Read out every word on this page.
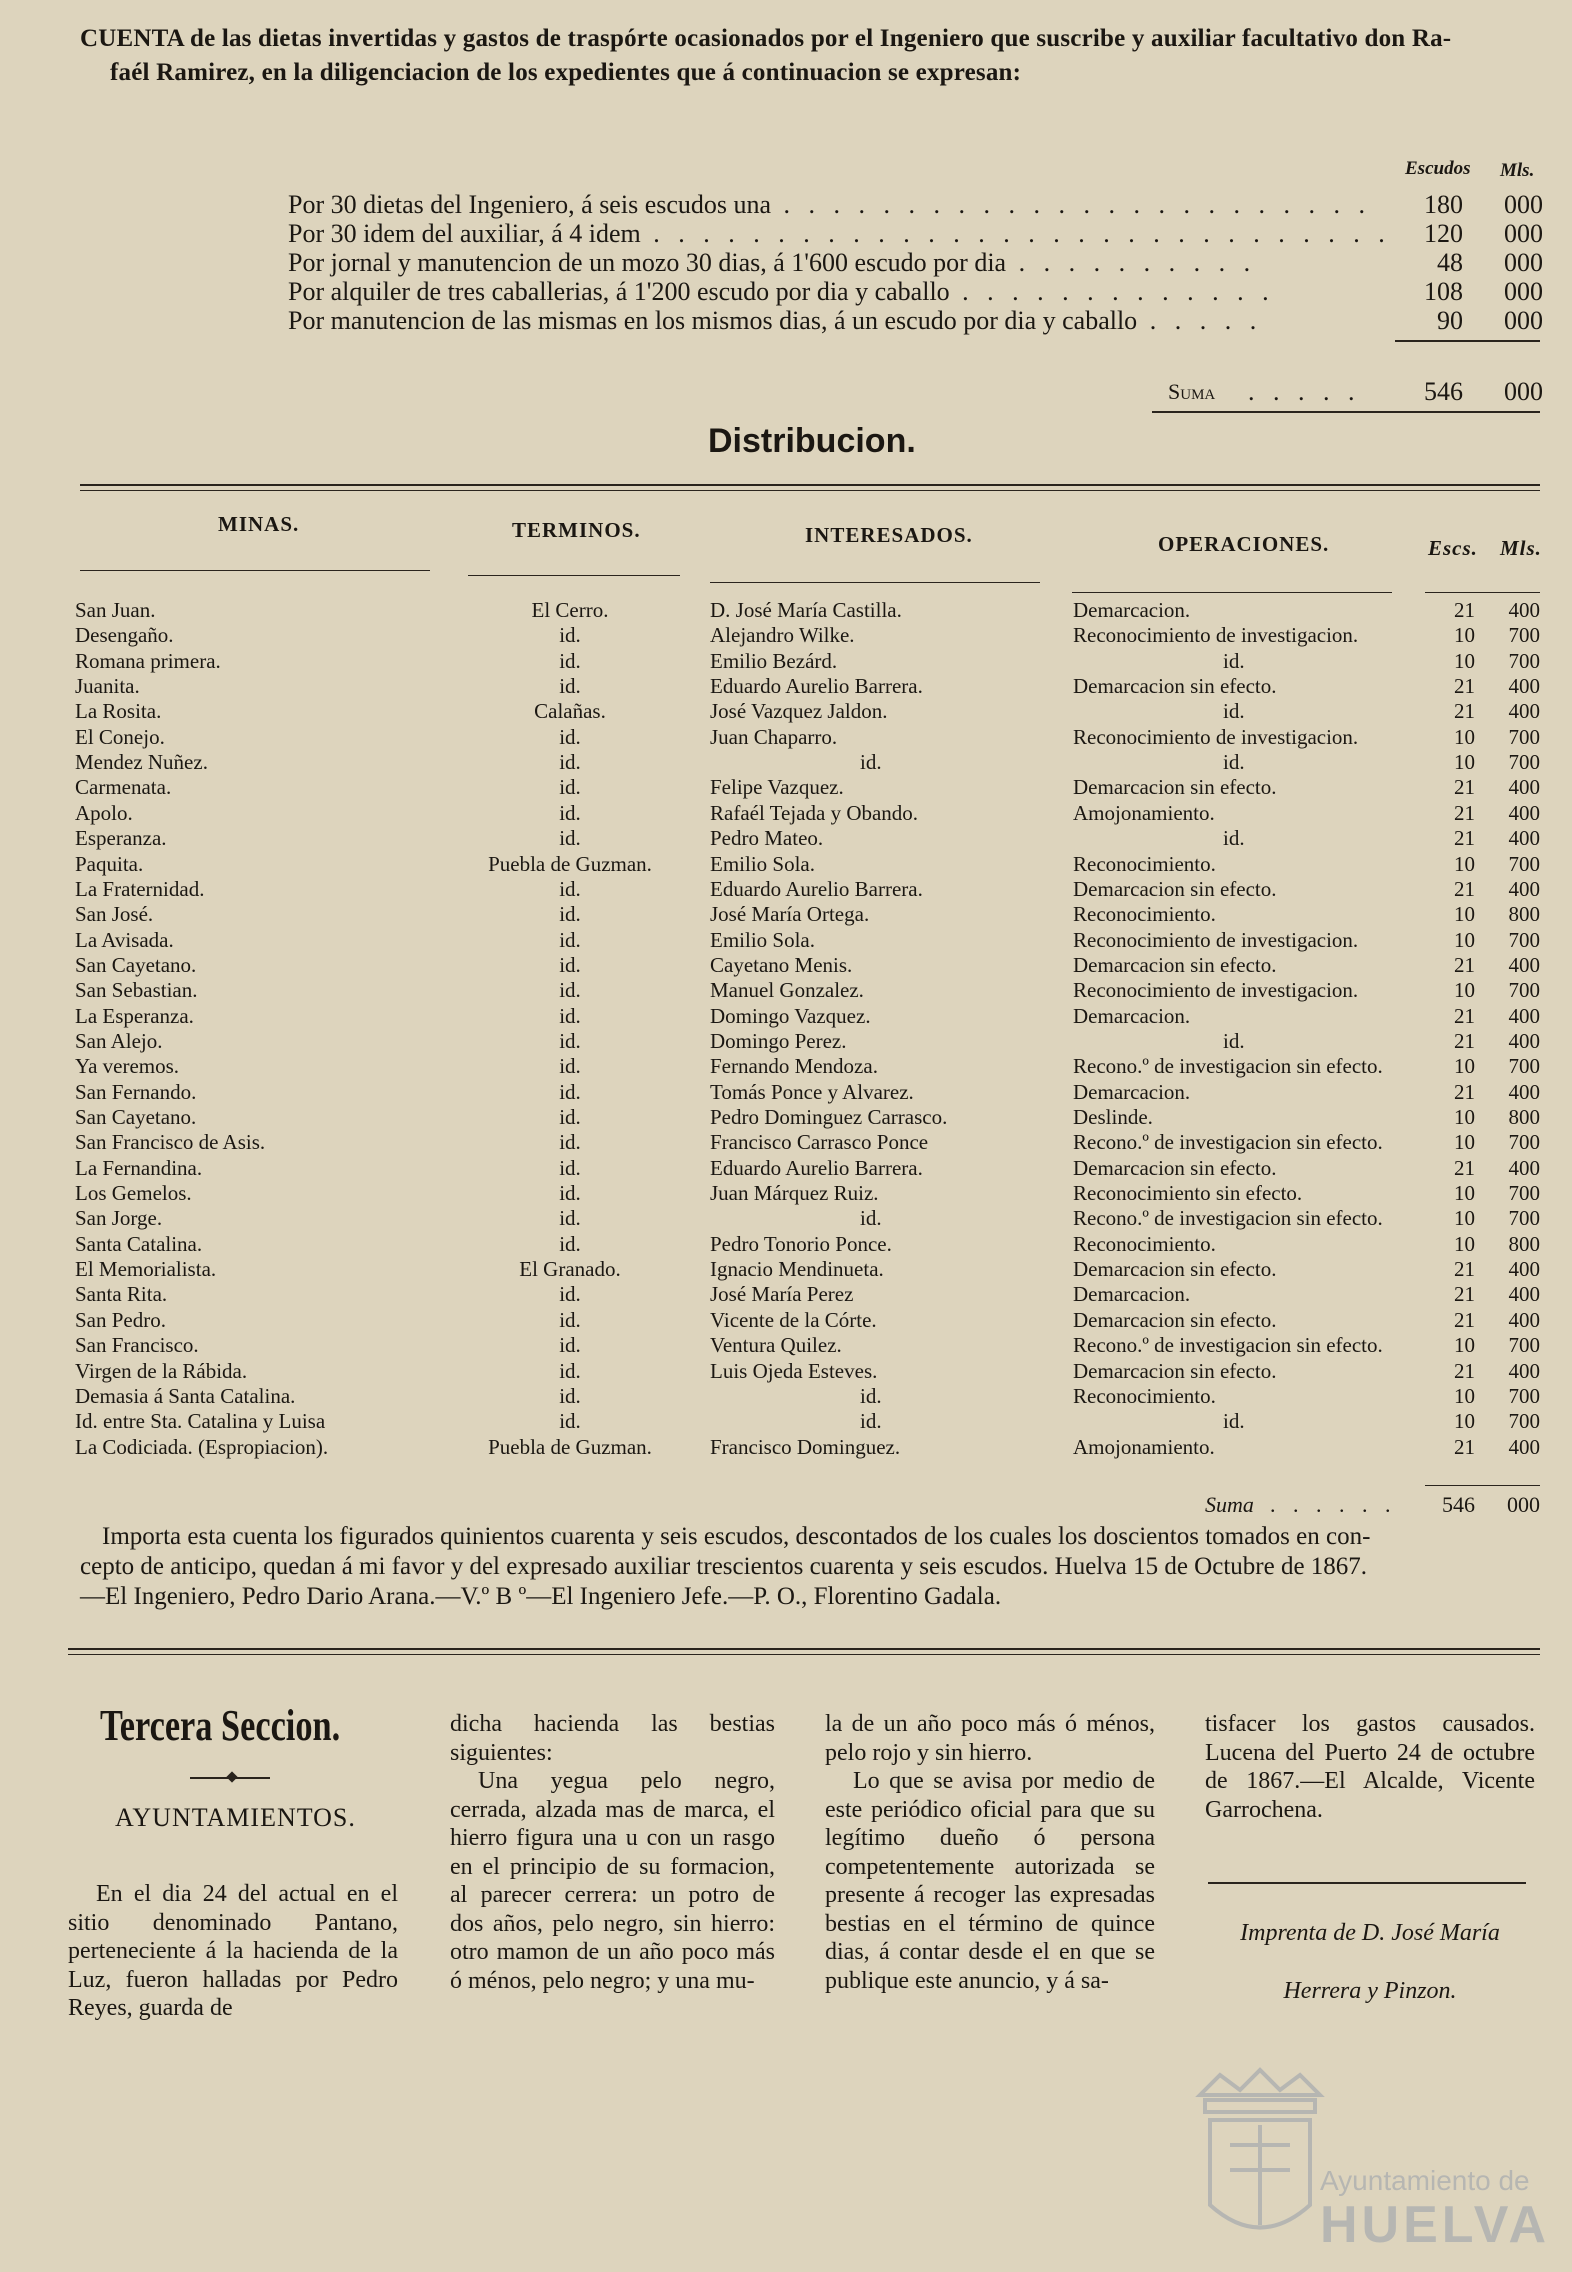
CUENTA de las dietas invertidas y gastos de traspórte ocasionados por el Ingeniero que suscribe y auxiliar facultativo don Ra-
faél Ramirez, en la diligenciacion de los expedientes que á continuacion se expresan:
Escudos Mls.
Por 30 dietas del Ingeniero, á seis escudos una . . . . . . . . . . . . . . . . . . . . . . . .	180	000
Por 30 idem del auxiliar, á 4 idem . . . . . . . . . . . . . . . . . . . . . . . . . . . . . .	120	000
Por jornal y manutencion de un mozo 30 dias, á 1'600 escudo por dia . . . . . . . . . .	48	000
Por alquiler de tres caballerias, á 1'200 escudo por dia y caballo . . . . . . . . . . . . .	108	000
Por manutencion de las mismas en los mismos dias, á un escudo por dia y caballo . . . . .	90	000
Suma . . . . .	546	000
Distribucion.
MINAS.	TERMINOS.	INTERESADOS.	OPERACIONES.	Escs. Mls.
San Juan.	El Cerro.	D. José María Castilla.	Demarcacion.	21	400
Desengaño.	id.	Alejandro Wilke.	Reconocimiento de investigacion.	10	700
Romana primera.	id.	Emilio Bezárd.	id.	10	700
Juanita.	id.	Eduardo Aurelio Barrera.	Demarcacion sin efecto.	21	400
La Rosita.	Calañas.	José Vazquez Jaldon.	id.	21	400
El Conejo.	id.	Juan Chaparro.	Reconocimiento de investigacion.	10	700
Mendez Nuñez.	id.	id.	id.	10	700
Carmenata.	id.	Felipe Vazquez.	Demarcacion sin efecto.	21	400
Apolo.	id.	Rafaél Tejada y Obando.	Amojonamiento.	21	400
Esperanza.	id.	Pedro Mateo.	id.	21	400
Paquita.	Puebla de Guzman.	Emilio Sola.	Reconocimiento.	10	700
La Fraternidad.	id.	Eduardo Aurelio Barrera.	Demarcacion sin efecto.	21	400
San José.	id.	José María Ortega.	Reconocimiento.	10	800
La Avisada.	id.	Emilio Sola.	Reconocimiento de investigacion.	10	700
San Cayetano.	id.	Cayetano Menis.	Demarcacion sin efecto.	21	400
San Sebastian.	id.	Manuel Gonzalez.	Reconocimiento de investigacion.	10	700
La Esperanza.	id.	Domingo Vazquez.	Demarcacion.	21	400
San Alejo.	id.	Domingo Perez.	id.	21	400
Ya veremos.	id.	Fernando Mendoza.	Recono.º de investigacion sin efecto.	10	700
San Fernando.	id.	Tomás Ponce y Alvarez.	Demarcacion.	21	400
San Cayetano.	id.	Pedro Dominguez Carrasco.	Deslinde.	10	800
San Francisco de Asis.	id.	Francisco Carrasco Ponce	Recono.º de investigacion sin efecto.	10	700
La Fernandina.	id.	Eduardo Aurelio Barrera.	Demarcacion sin efecto.	21	400
Los Gemelos.	id.	Juan Márquez Ruiz.	Reconocimiento sin efecto.	10	700
San Jorge.	id.	id.	Recono.º de investigacion sin efecto.	10	700
Santa Catalina.	id.	Pedro Tonorio Ponce.	Reconocimiento.	10	800
El Memorialista.	El Granado.	Ignacio Mendinueta.	Demarcacion sin efecto.	21	400
Santa Rita.	id.	José María Perez	Demarcacion.	21	400
San Pedro.	id.	Vicente de la Córte.	Demarcacion sin efecto.	21	400
San Francisco.	id.	Ventura Quilez.	Recono.º de investigacion sin efecto.	10	700
Virgen de la Rábida.	id.	Luis Ojeda Esteves.	Demarcacion sin efecto.	21	400
Demasia á Santa Catalina.	id.	id.	Reconocimiento.	10	700
Id. entre Sta. Catalina y Luisa	id.	id.	id.	10	700
La Codiciada. (Espropiacion).	Puebla de Guzman.	Francisco Dominguez.	Amojonamiento.	21	400
Suma . . . . . .	546	000
Importa esta cuenta los figurados quinientos cuarenta y seis escudos, descontados de los cuales los doscientos tomados en con-
cepto de anticipo, quedan á mi favor y del expresado auxiliar trescientos cuarenta y seis escudos. Huelva 15 de Octubre de 1867.
—El Ingeniero, Pedro Dario Arana.—V.º B º—El Ingeniero Jefe.—P. O., Florentino Gadala.
Tercera Seccion.
AYUNTAMIENTOS.
En el dia 24 del actual en el sitio denominado Pantano, perteneciente á la hacienda de la Luz, fueron halladas por Pedro Reyes, guarda de

dicha hacienda las bestias siguientes:

Una yegua pelo negro, cerrada, alzada mas de marca, el hierro figura una u con un rasgo en el principio de su formacion, al parecer cerrera: un potro de dos años, pelo negro, sin hierro: otro mamon de un año poco más ó ménos, pelo negro; y una mu-

la de un año poco más ó ménos, pelo rojo y sin hierro.

Lo que se avisa por medio de este periódico oficial para que su legítimo dueño ó persona competentemente autorizada se presente á recoger las expresadas bestias en el término de quince dias, á contar desde el en que se publique este anuncio, y á sa-

tisfacer los gastos causados. Lucena del Puerto 24 de octubre de 1867.—El Alcalde, Vicente Garrochena.
Imprenta de D. José María
Herrera y Pinzon.
Ayuntamiento de
HUELVA
